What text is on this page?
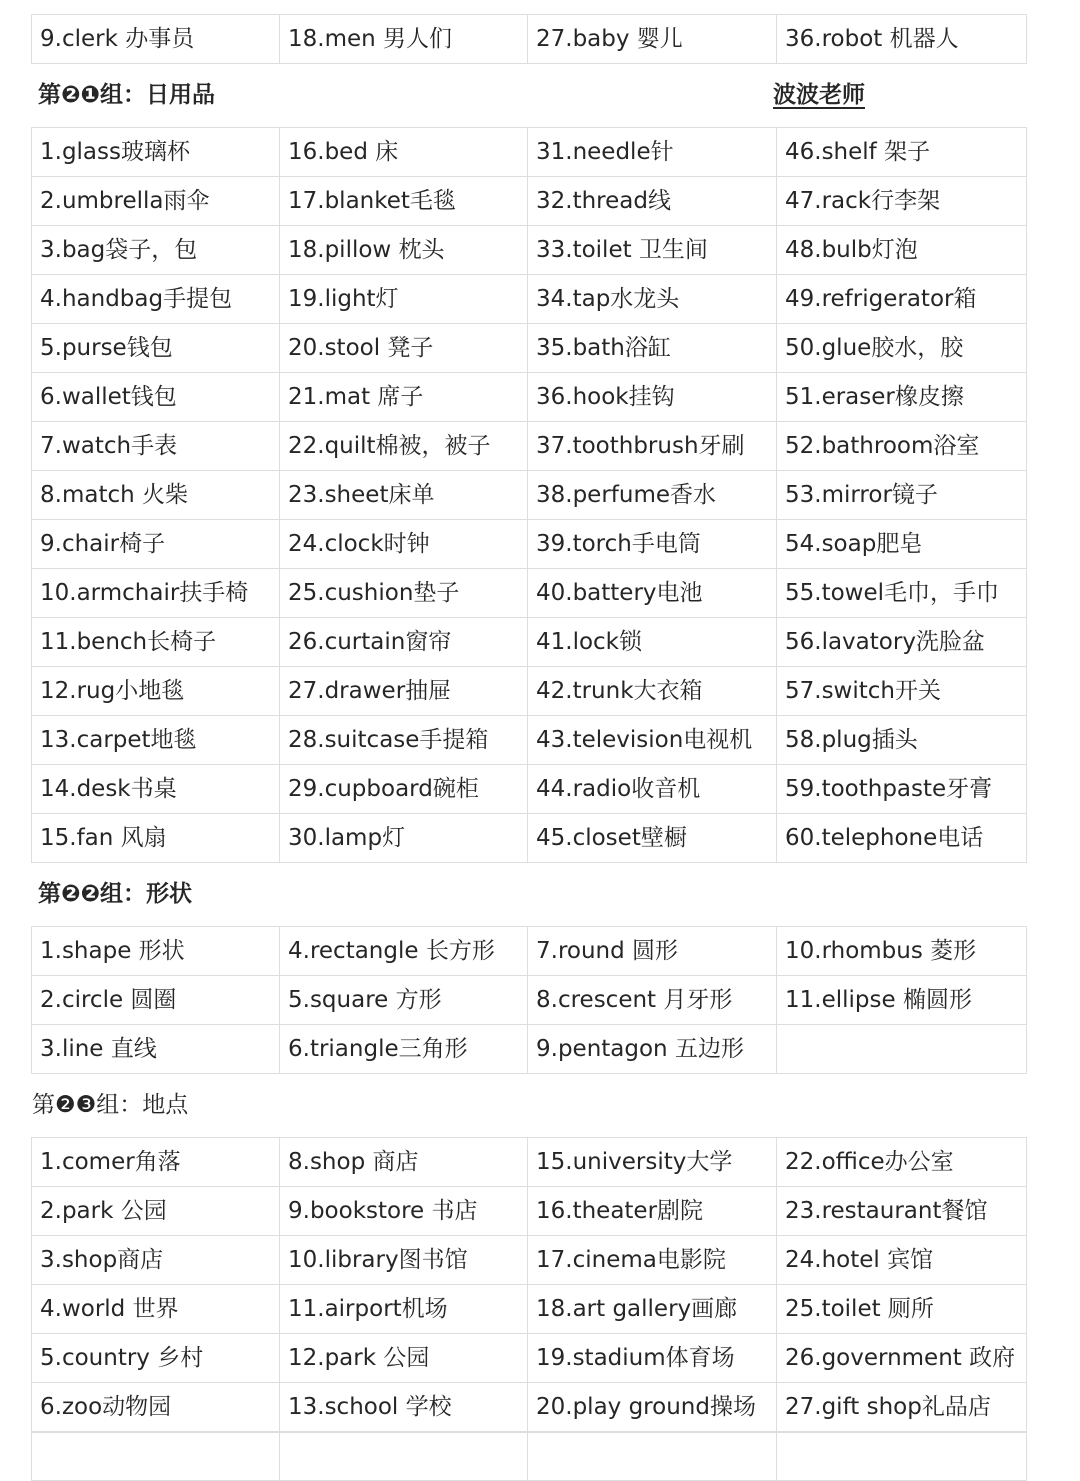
9.clerk 办事员	18.men 男人们	27.baby 婴儿	36.robot 机器人
第❷❶组：日用品	波波老师
1.glass玻璃杯	16.bed 床	31.needle针	46.shelf 架子
2.umbrella雨伞	17.blanket毛毯	32.thread线	47.rack行李架
3.bag袋子，包	18.pillow 枕头	33.toilet 卫生间	48.bulb灯泡
4.handbag手提包	19.light灯	34.tap水龙头	49.refrigerator箱
5.purse钱包	20.stool 凳子	35.bath浴缸	50.glue胶水，胶
6.wallet钱包	21.mat 席子	36.hook挂钩	51.eraser橡皮擦
7.watch手表	22.quilt棉被，被子	37.toothbrush牙刷	52.bathroom浴室
8.match 火柴	23.sheet床单	38.perfume香水	53.mirror镜子
9.chair椅子	24.clock时钟	39.torch手电筒	54.soap肥皂
10.armchair扶手椅	25.cushion垫子	40.battery电池	55.towel毛巾，手巾
11.bench长椅子	26.curtain窗帘	41.lock锁	56.lavatory洗脸盆
12.rug小地毯	27.drawer抽屉	42.trunk大衣箱	57.switch开关
13.carpet地毯	28.suitcase手提箱	43.television电视机	58.plug插头
14.desk书桌	29.cupboard碗柜	44.radio收音机	59.toothpaste牙膏
15.fan 风扇	30.lamp灯	45.closet壁橱	60.telephone电话
第❷❷组：形状
1.shape 形状	4.rectangle 长方形	7.round 圆形	10.rhombus 菱形
2.circle 圆圈	5.square 方形	8.crescent 月牙形	11.ellipse 椭圆形
3.line 直线	6.triangle三角形	9.pentagon 五边形	
第❷❸组：地点
1.comer角落	8.shop 商店	15.university大学	22.office办公室
2.park 公园	9.bookstore 书店	16.theater剧院	23.restaurant餐馆
3.shop商店	10.library图书馆	17.cinema电影院	24.hotel 宾馆
4.world 世界	11.airport机场	18.art gallery画廊	25.toilet 厕所
5.country 乡村	12.park 公园	19.stadium体育场	26.government 政府
6.zoo动物园	13.school 学校	20.play ground操场	27.gift shop礼品店
